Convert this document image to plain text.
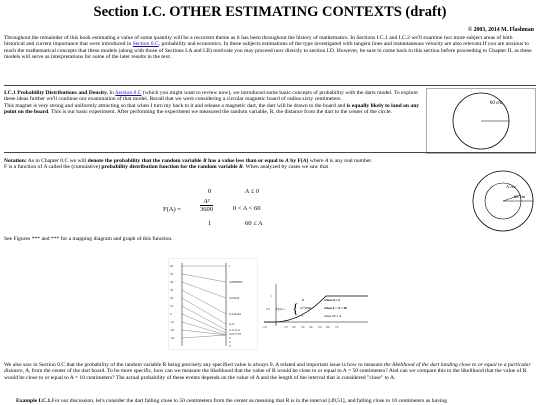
Section I.C. OTHER ESTIMATING CONTEXTS (draft)
© 2003, 2014 M. Flashman
Throughout the remainder of this book estimating a value of some quantity will be a recurrent theme as it has been throughout the history of mathematics. In Sections I.C.1 and I.C.2 we'll examine two more subject areas of both historical and current importance that were introduced in Section 0.C, probability and economics. In these subjects estimations of the type investigated with tangent lines and instantaneous velocity are also relevant.If you are anxious to reach the mathematical concepts that these models (along with those of Sections I.A and I.B) motivate you may proceed now directly to section I.D. However, be sure to come back to this section before proceeding to Chapter II, as these models will serve as interpretations for some of the later results in the text.
I.C.1 Probability Distributions and Density. In Section 0.C (which you might want to review now), we introduced some basic concepts of probability with the darts model. To explore these ideas further we'll continue our examination of that model. Recall that we were considering a circular magnetic board of radius sixty centimeters.
This magnet is very strong and uniformly attracting so that when I turn my back to it and release a magnetic dart, the dart will be drawn to the board and is equally likely to land on any point on the board. This is our basic experiment. After performing the experiment we measured the random variable, R, the distance from the dart to the center of the circle.
60 cm
Notation: As in Chapter 0.C we will denote the probability that the random variable R has a value less than or equal to A by F(A) where A is any real number.
F is a function of A called the (cumulative) probability distribution function for the random variable R. When analyzed by cases we saw that
F(A) =
0	A ≤ 0
$\frac{\text{A²}}{3600}$	0 < A < 60
1	60 ≤ A
A cm
60 cm
See Figures *** and *** for a mapping diagram and graph of this function.
60
50
40
30
20
10
0
-10
-20
-30
1
0.8888889
0.69444
0.444444
0.25
0.111111
0.027778
0
0
0
-10	10 20 30 40 50 60 70
1
0.5 F(A) = {
0	when A ≤ 0
A²/3600	when 0 < A < 60
1	when 60 ≤ A
We also saw in Section 0.C that the probability of the random variable R being precisely any specified value is always 0. A related and important issue is how to measure the likelihood of the dart landing close to or equal to a particular distance, A, from the center of the dart board. To be more specific, how can we measure the likelihood that the value of R would be close to or equal to A = 50 centimeters? And can we compare this to the likelihood that the value of R would be close to or equal to A = 10 centimeters? The actual probability of these events depends on the value of A and the length of the interval that is considered "close" to A.
Example I.C.1.For our discussion, let's consider the dart falling close to 50 centimeters from the center as meaning that R is in the interval [49,51], and falling close to 10 centimeters as having
